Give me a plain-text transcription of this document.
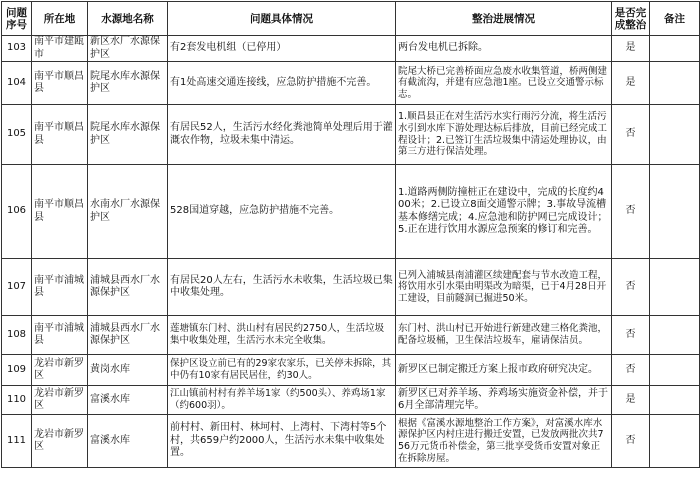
问题序号	所在地	水源地名称	问题具体情况	整治进展情况	是否完成整治	备注
103	南平市建瓯市	新区水厂水源保护区	有2套发电机组（已停用）	两台发电机已拆除。	是	
104	南平市顺昌县	院尾水库水源保护区	有1处高速交通连接线，应急防护措施不完善。	院尾大桥已完善桥面应急废水收集管道，桥两侧建有截流沟，并建有应急池1座。已设立交通警示标志。	是	
105	南平市顺昌县	院尾水库水源保护区	有居民52人，生活污水经化粪池简单处理后用于灌溉农作物，垃圾未集中清运。	1.顺昌县正在对生活污水实行雨污分流，将生活污水引到水库下游处理达标后排放，目前已经完成工程设计；2.已签订生活垃圾集中清运处理协议，由第三方进行保洁处理。	否	
106	南平市顺昌县	水南水厂水源保护区	528国道穿越，应急防护措施不完善。	1.道路两侧防撞桩正在建设中，完成的长度约400米；2.已设立8面交通警示牌；3.事故导流槽基本修缮完成；4.应急池和防护网已完成设计；5.正在进行饮用水源应急预案的修订和完善。	否	
107	南平市浦城县	浦城县西水厂水源保护区	有居民20人左右，生活污水未收集，生活垃圾已集中收集处理。	已列入浦城县南浦灌区续建配套与节水改造工程，将饮用水引水渠由明渠改为暗渠，已于4月28日开工建设，目前隧洞已掘进50米。	否	
108	南平市浦城县	浦城县西水厂水源保护区	莲塘镇东门村、洪山村有居民约2750人，生活垃圾集中收集处理，生活污水未完全收集。	东门村、洪山村已开始进行新建改建三格化粪池，配备垃圾桶，卫生保洁垃圾车，雇请保洁员。	否	
109	龙岩市新罗区	黄岗水库	保护区设立前已有的29家农家乐，已关停未拆除，其中仍有10家有居民居住，约30人。	新罗区已制定搬迁方案上报市政府研究决定。	否	
110	龙岩市新罗区	富溪水库	江山镇前村村有养羊场1家（约500头）、养鸡场1家（约600羽）。	新罗区已对养羊场、养鸡场实施资金补偿，并于6月全部清理完毕。	是	
111	龙岩市新罗区	富溪水库	前村村、新田村、林坷村、上湾村、下湾村等5个村，共659户约2000人，生活污水未集中收集处置。	根据《富溪水源地整治工作方案》，对富溪水库水源保护区内村庄进行搬迁安置，已发放两批次共756万元货币补偿金，第三批享受货币安置对象正在拆除房屋。	否	
